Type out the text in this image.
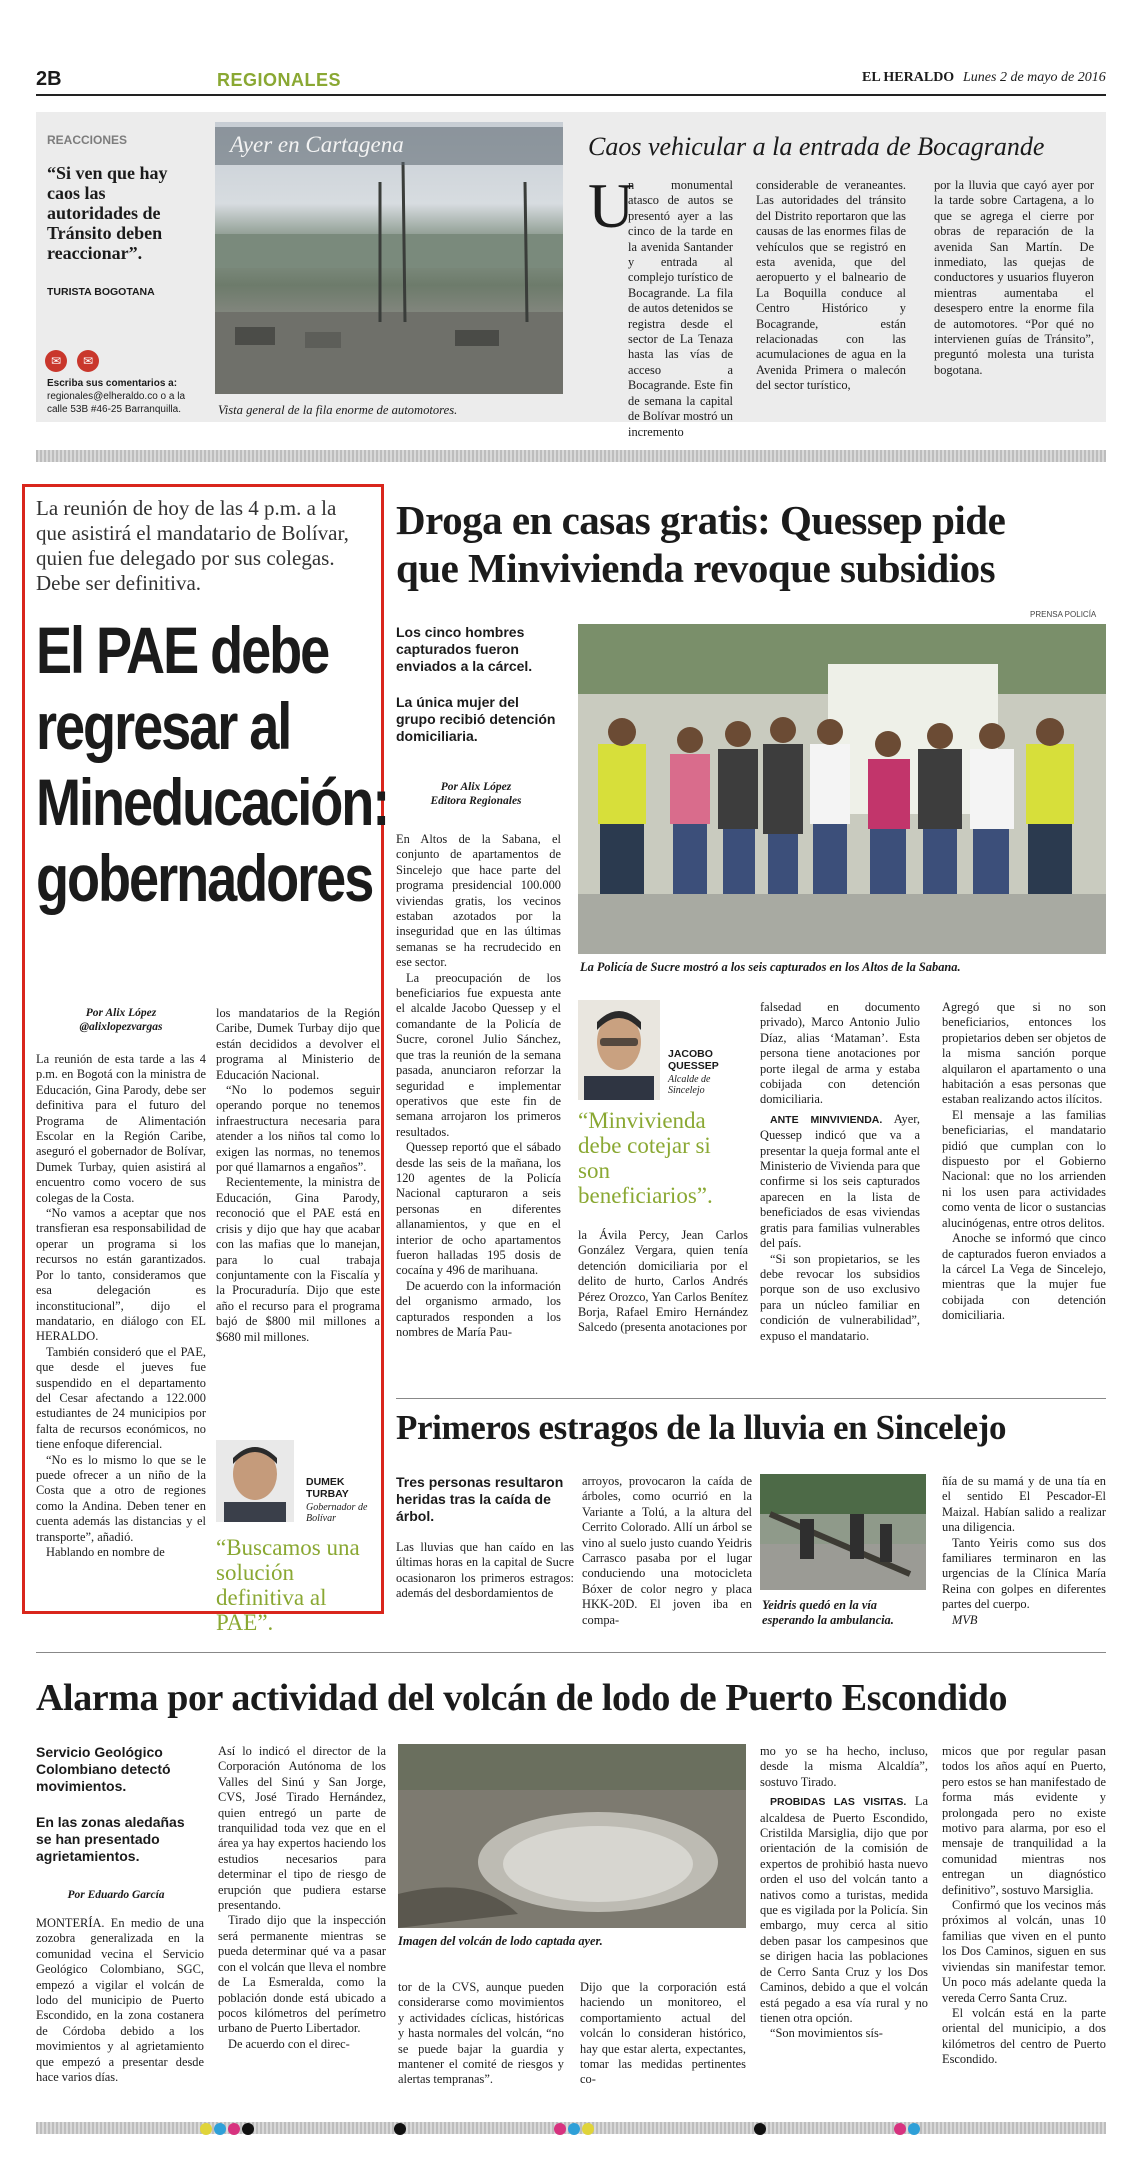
2B	REGIONALES	EL HERALDO Lunes 2 de mayo de 2016
REACCIONES
“Si ven que hay caos las autoridades de Tránsito deben reaccionar”.
TURISTA BOGOTANA
✉	✉
Escriba sus comentarios a:
regionales@elheraldo.co o a la calle 53B #46-25 Barranquilla.
Ayer en Cartagena
Vista general de la fila enorme de automotores.
Caos vehicular a la entrada de Bocagrande
U

n monumental atasco de autos se presentó ayer a las cinco de la tarde en la avenida Santander y entrada al complejo turístico de Bocagrande. La fila de autos detenidos se registra desde el sector de La Tenaza hasta las vías de acceso a Bocagrande. Este fin de semana la capital de Bolívar mostró un incremento

considerable de veraneantes. Las autoridades del tránsito del Distrito reportaron que las causas de las enormes filas de vehículos que se registró en esta avenida, que del aeropuerto y el balneario de La Boquilla conduce al Centro Histórico y Bocagrande, están relacionadas con las acumulaciones de agua en la Avenida Primera o malecón del sector turístico,

por la lluvia que cayó ayer por la tarde sobre Cartagena, a lo que se agrega el cierre por obras de reparación de la avenida San Martín. De inmediato, las quejas de conductores y usuarios fluyeron mientras aumentaba el desespero entre la enorme fila de automotores. “Por qué no intervienen guías de Tránsito”, preguntó molesta una turista bogotana.

La reunión de hoy de las 4 p.m. a la que asistirá el mandatario de Bolívar, quien fue delegado por sus colegas. Debe ser definitiva.
El PAE debe
regresar al
Mineducación:
gobernadores
Por Alix López
@alixlopezvargas

La reunión de esta tarde a las 4 p.m. en Bogotá con la ministra de Educación, Gina Parody, debe ser definitiva para el futuro del Programa de Alimentación Escolar en la Región Caribe, aseguró el gobernador de Bolívar, Dumek Turbay, quien asistirá al encuentro como vocero de sus colegas de la Costa.

“No vamos a aceptar que nos transfieran esa responsabilidad de operar un programa si los recursos no están garantizados. Por lo tanto, consideramos que esa delegación es inconstitucional”, dijo el mandatario, en diálogo con EL HERALDO.

También consideró que el PAE, que desde el jueves fue suspendido en el departamento del Cesar afectando a 122.000 estudiantes de 24 municipios por falta de recursos económicos, no tiene enfoque diferencial.

“No es lo mismo lo que se le puede ofrecer a un niño de la Costa que a otro de regiones como la Andina. Deben tener en cuenta además las distancias y el transporte”, añadió.

Hablando en nombre de

los mandatarios de la Región Caribe, Dumek Turbay dijo que están decididos a devolver el programa al Ministerio de Educación Nacional.

“No lo podemos seguir operando porque no tenemos infraestructura necesaria para atender a los niños tal como lo exigen las normas, no tenemos por qué llamarnos a engaños”.

Recientemente, la ministra de Educación, Gina Parody, reconoció que el PAE está en crisis y dijo que hay que acabar con las mafias que lo manejan, para lo cual trabaja conjuntamente con la Fiscalía y la Procuraduría. Dijo que este año el recurso para el programa bajó de $800 mil millones a $680 mil millones.

DUMEK
TURBAY
Gobernador de Bolívar
“Buscamos una solución definitiva al PAE”.
Droga en casas gratis: Quessep pide
que Minvivienda revoque subsidios
PRENSA POLICÍA
Los cinco hombres capturados fueron enviados a la cárcel.
La única mujer del grupo recibió detención domiciliaria.
Por Alix López
Editora Regionales

En Altos de la Sabana, el conjunto de apartamentos de Sincelejo que hace parte del programa presidencial 100.000 viviendas gratis, los vecinos estaban azotados por la inseguridad que en las últimas semanas se ha recrudecido en ese sector.

La preocupación de los beneficiarios fue expuesta ante el alcalde Jacobo Quessep y el comandante de la Policía de Sucre, coronel Julio Sánchez, que tras la reunión de la semana pasada, anunciaron reforzar la seguridad e implementar operativos que este fin de semana arrojaron los primeros resultados.

Quessep reportó que el sábado desde las seis de la mañana, los 120 agentes de la Policía Nacional capturaron a seis personas en diferentes allanamientos, y que en el interior de ocho apartamentos fueron halladas 195 dosis de cocaína y 496 de marihuana.

De acuerdo con la información del organismo armado, los capturados responden a los nombres de María Pau-

La Policía de Sucre mostró a los seis capturados en los Altos de la Sabana.
JACOBO
QUESSEP
Alcalde de Sincelejo
“Minvivienda debe cotejar si son beneficiarios”.

la Ávila Percy, Jean Carlos González Vergara, quien tenía detención domiciliaria por el delito de hurto, Carlos Andrés Pérez Orozco, Yan Carlos Benítez Borja, Rafael Emiro Hernández Salcedo (presenta anotaciones por

falsedad en documento privado), Marco Antonio Julio Díaz, alias ‘Mataman’. Esta persona tiene anotaciones por porte ilegal de arma y estaba cobijada con detención domiciliaria.

ANTE MINVIVIENDA. Ayer, Quessep indicó que va a presentar la queja formal ante el Ministerio de Vivienda para que confirme si los seis capturados aparecen en la lista de beneficiados de esas viviendas gratis para familias vulnerables del país.

“Si son propietarios, se les debe revocar los subsidios porque son de uso exclusivo para un núcleo familiar en condición de vulnerabilidad”, expuso el mandatario.

Agregó que si no son beneficiarios, entonces los propietarios deben ser objetos de la misma sanción porque alquilaron el apartamento o una habitación a esas personas que estaban realizando actos ilícitos.

El mensaje a las familias beneficiarias, el mandatario pidió que cumplan con lo dispuesto por el Gobierno Nacional: que no los arrienden ni los usen para actividades como venta de licor o sustancias alucinógenas, entre otros delitos.

Anoche se informó que cinco de capturados fueron enviados a la cárcel La Vega de Sincelejo, mientras que la mujer fue cobijada con detención domiciliaria.

Primeros estragos de la lluvia en Sincelejo
Tres personas resultaron heridas tras la caída de árbol.

Las lluvias que han caído en las últimas horas en la capital de Sucre ocasionaron los primeros estragos: además del desbordamientos de

arroyos, provocaron la caída de árboles, como ocurrió en la Variante a Tolú, a la altura del Cerrito Colorado. Allí un árbol se vino al suelo justo cuando Yeidris Carrasco pasaba por el lugar conduciendo una motocicleta Bóxer de color negro y placa HKK-20D. El joven iba en compa-

Yeidris quedó en la vía esperando la ambulancia.

ñía de su mamá y de una tía en el sentido El Pescador-El Maizal. Habían salido a realizar una diligencia.

Tanto Yeiris como sus dos familiares terminaron en las urgencias de la Clínica María Reina con golpes en diferentes partes del cuerpo.

MVB

Alarma por actividad del volcán de lodo de Puerto Escondido
Servicio Geológico Colombiano detectó movimientos.
En las zonas aledañas se han presentado agrietamientos.
Por Eduardo García

MONTERÍA. En medio de una zozobra generalizada en la comunidad vecina el Servicio Geológico Colombiano, SGC, empezó a vigilar el volcán de lodo del municipio de Puerto Escondido, en la zona costanera de Córdoba debido a los movimientos y al agrietamiento que empezó a presentar desde hace varios días.

Así lo indicó el director de la Corporación Autónoma de los Valles del Sinú y San Jorge, CVS, José Tirado Hernández, quien entregó un parte de tranquilidad toda vez que en el área ya hay expertos haciendo los estudios necesarios para determinar el tipo de riesgo de erupción que pudiera estarse presentando.

Tirado dijo que la inspección será permanente mientras se pueda determinar qué va a pasar con el volcán que lleva el nombre de La Esmeralda, como la población donde está ubicado a pocos kilómetros del perímetro urbano de Puerto Libertador.

De acuerdo con el direc-

Imagen del volcán de lodo captada ayer.

tor de la CVS, aunque pueden considerarse como movimientos y actividades cíclicas, históricas y hasta normales del volcán, “no se puede bajar la guardia y mantener el comité de riesgos y alertas tempranas”.

Dijo que la corporación está haciendo un monitoreo, el comportamiento actual del volcán lo consideran histórico, hay que estar alerta, expectantes, tomar las medidas pertinentes co-

mo yo se ha hecho, incluso, desde la misma Alcaldía”, sostuvo Tirado.

PROBIDAS LAS VISITAS. La alcaldesa de Puerto Escondido, Cristilda Marsiglia, dijo que por orientación de la comisión de expertos de prohibió hasta nuevo orden el uso del volcán tanto a nativos como a turistas, medida que es vigilada por la Policía. Sin embargo, muy cerca al sitio deben pasar los campesinos que se dirigen hacia las poblaciones de Cerro Santa Cruz y los Dos Caminos, debido a que el volcán está pegado a esa vía rural y no tienen otra opción.

“Son movimientos sís-

micos que por regular pasan todos los años aquí en Puerto, pero estos se han manifestado de forma más evidente y prolongada pero no existe motivo para alarma, por eso el mensaje de tranquilidad a la comunidad mientras nos entregan un diagnóstico definitivo”, sostuvo Marsiglia.

Confirmó que los vecinos más próximos al volcán, unas 10 familias que viven en el punto los Dos Caminos, siguen en sus viviendas sin manifestar temor. Un poco más adelante queda la vereda Cerro Santa Cruz.

El volcán está en la parte oriental del municipio, a dos kilómetros del centro de Puerto Escondido.
